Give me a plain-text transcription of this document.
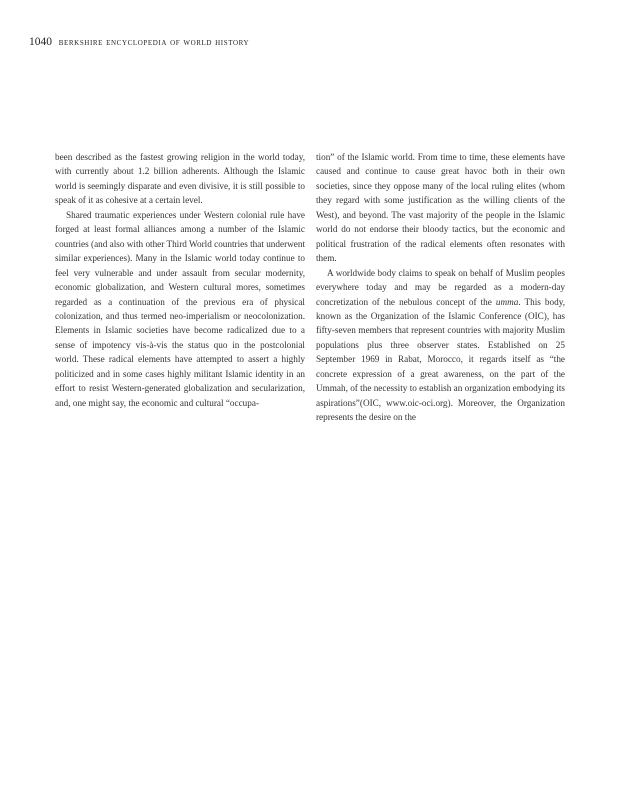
1040 berkshire encyclopedia of world history

been described as the fastest growing religion in the world today, with currently about 1.2 billion adherents. Although the Islamic world is seemingly disparate and even divisive, it is still possible to speak of it as cohesive at a certain level.

Shared traumatic experiences under Western colonial rule have forged at least formal alliances among a number of the Islamic countries (and also with other Third World countries that underwent similar experiences). Many in the Islamic world today continue to feel very vulnerable and under assault from secular modernity, economic globalization, and Western cultural mores, sometimes regarded as a continuation of the previous era of physical colonization, and thus termed neo-imperialism or neocolonization. Elements in Islamic societies have become radicalized due to a sense of impotency vis-à-vis the status quo in the postcolonial world. These radical elements have attempted to assert a highly politicized and in some cases highly militant Islamic identity in an effort to resist Western-generated globalization and secularization, and, one might say, the economic and cultural “occupa-

tion” of the Islamic world. From time to time, these elements have caused and continue to cause great havoc both in their own societies, since they oppose many of the local ruling elites (whom they regard with some justification as the willing clients of the West), and beyond. The vast majority of the people in the Islamic world do not endorse their bloody tactics, but the economic and political frustration of the radical elements often resonates with them.

A worldwide body claims to speak on behalf of Muslim peoples everywhere today and may be regarded as a modern-day concretization of the nebulous concept of the umma. This body, known as the Organization of the Islamic Conference (OIC), has fifty-seven members that represent countries with majority Muslim populations plus three observer states. Established on 25 September 1969 in Rabat, Morocco, it regards itself as “the concrete expression of a great awareness, on the part of the Ummah, of the necessity to establish an organization embodying its aspirations”(OIC, www.oic-oci.org). Moreover, the Organization represents the desire on the
